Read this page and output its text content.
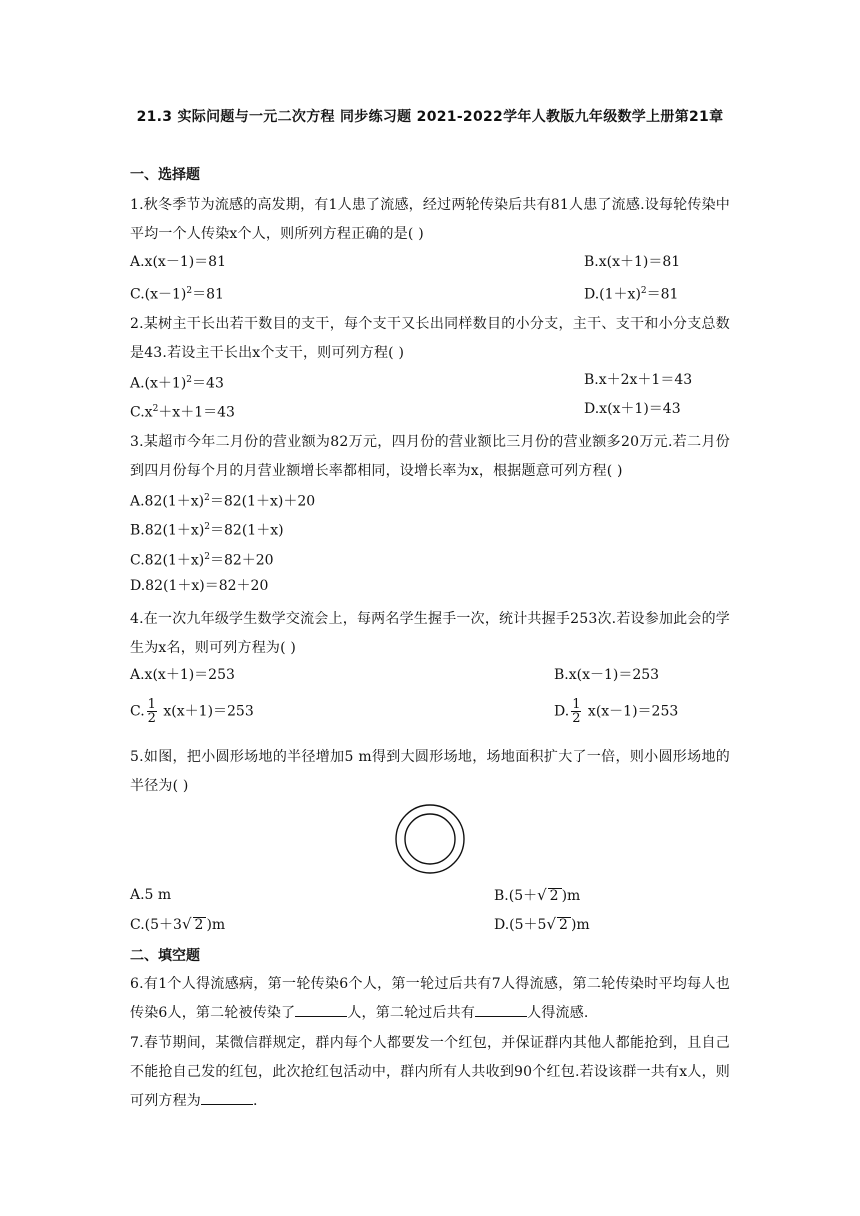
21.3 实际问题与一元二次方程 同步练习题 2021-2022学年人教版九年级数学上册第21章
一、选择题
1.秋冬季节为流感的高发期，有1人患了流感，经过两轮传染后共有81人患了流感.设每轮传染中平均一个人传染x个人，则所列方程正确的是( )
A.x(x－1)＝81	B.x(x＋1)＝81
$C.(x-1)^2=81$	$D.(1+x)^2=81$
2.某树主干长出若干数目的支干，每个支干又长出同样数目的小分支，主干、支干和小分支总数是43.若设主干长出x个支干，则可列方程( )
$A.(x+1)^2=43$	B.x＋2x＋1＝43
$C.x^2+x+1=43$	D.x(x＋1)＝43
3.某超市今年二月份的营业额为82万元，四月份的营业额比三月份的营业额多20万元.若二月份到四月份每个月的月营业额增长率都相同，设增长率为x，根据题意可列方程( )
$A.82(1+x)^2=82(1+x)+20$
$B.82(1+x)^2=82(1+x)$
$C.82(1+x)^2=82+20$
D.82(1＋x)＝82＋20
4.在一次九年级学生数学交流会上，每两名学生握手一次，统计共握手253次.若设参加此会的学生为x名，则可列方程为( )
A.x(x＋1)＝253	B.x(x－1)＝253
C. $\frac{1}{2} x(x+1)=253$	D. $\frac{1}{2} x(x-1)=253$
5.如图，把小圆形场地的半径增加5 m得到大圆形场地，场地面积扩大了一倍，则小圆形场地的半径为( )
A.5 m	B.(5＋√ 2 )m
C.(5＋3√ 2 )m	D.(5＋5√ 2 )m
二、填空题
6.有1个人得流感病，第一轮传染6个人，第一轮过后共有7人得流感，第二轮传染时平均每人也传染6人，第二轮被传染了	人，第二轮过后共有	人得流感.
7.春节期间，某微信群规定，群内每个人都要发一个红包，并保证群内其他人都能抢到，且自己不能抢自己发的红包，此次抢红包活动中，群内所有人共收到90个红包.若设该群一共有x人，则可列方程为	.
